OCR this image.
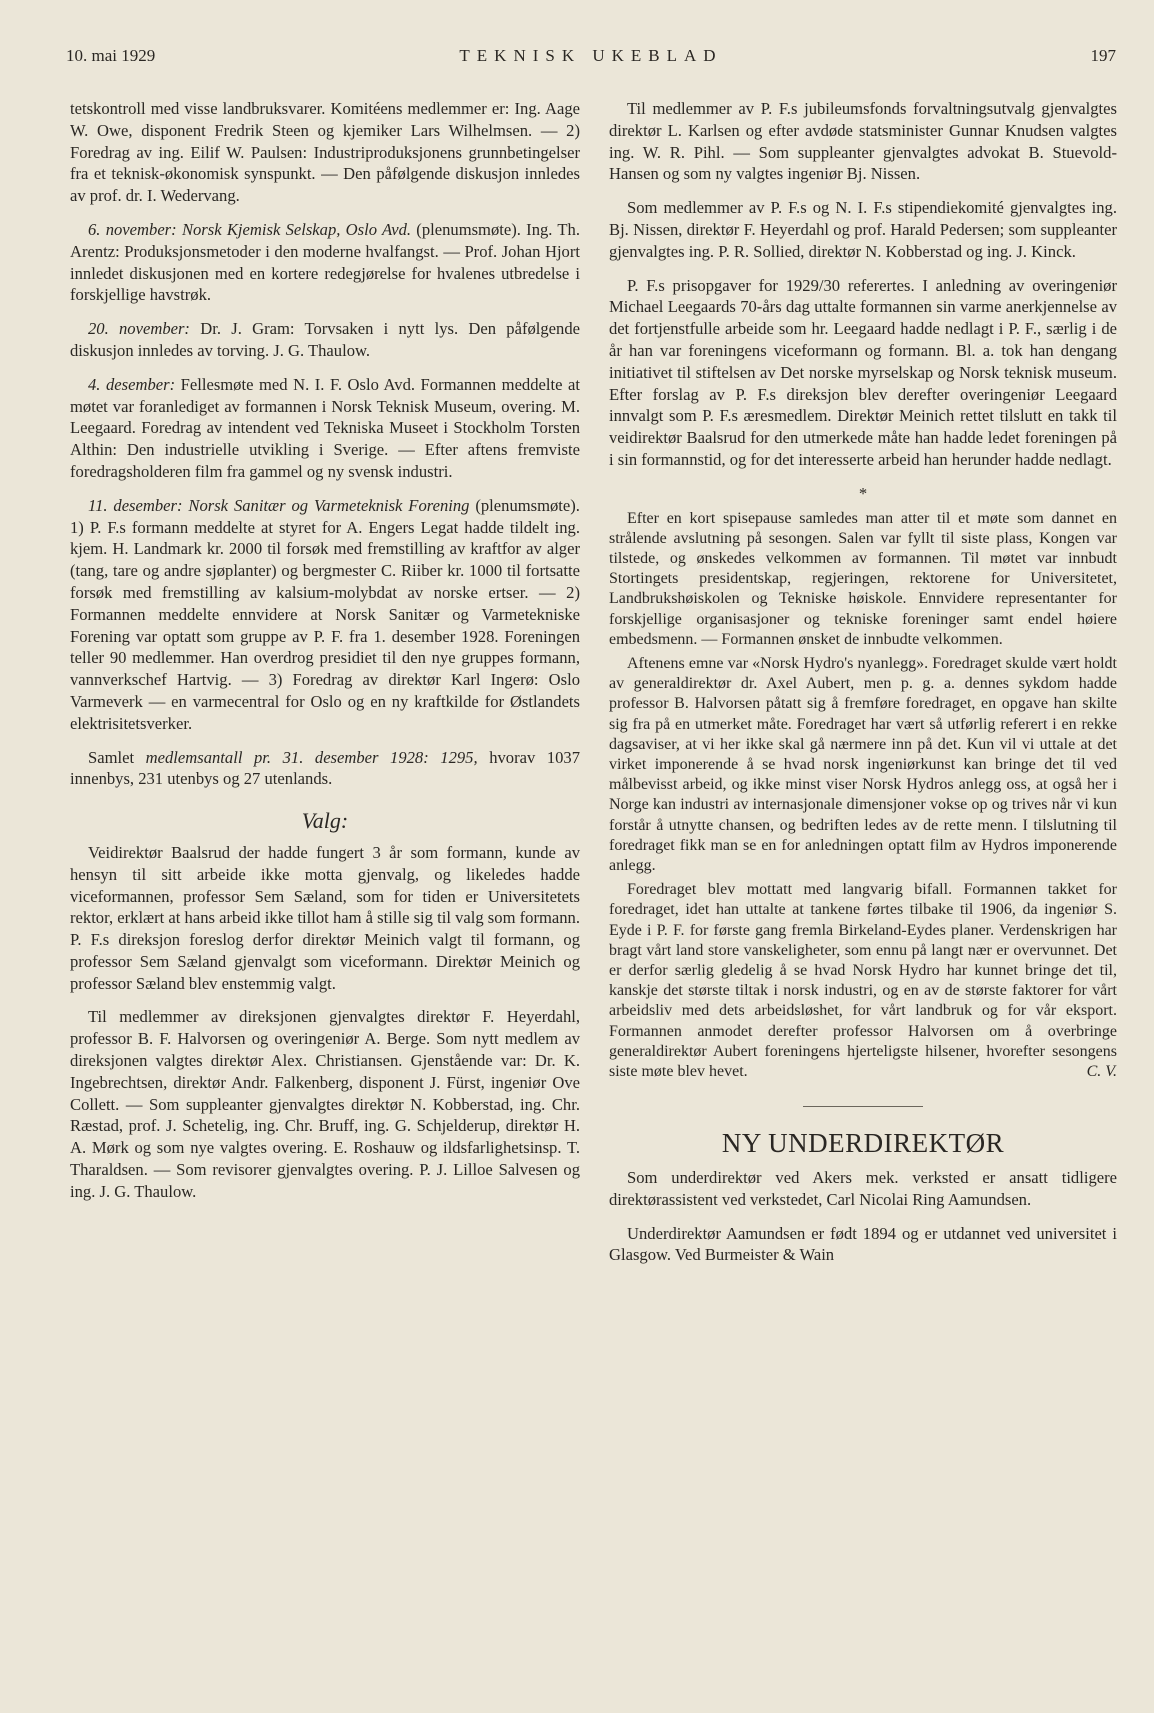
10. mai 1929	TEKNISK UKEBLAD	197

tetskontroll med visse landbruksvarer. Komitéens medlemmer er: Ing. Aage W. Owe, disponent Fredrik Steen og kjemiker Lars Wilhelmsen. — 2) Foredrag av ing. Eilif W. Paulsen: Industriproduksjonens grunnbetingelser fra et teknisk-økonomisk synspunkt. — Den påfølgende diskusjon innledes av prof. dr. I. Wedervang.

6. november: Norsk Kjemisk Selskap, Oslo Avd. (plenumsmøte). Ing. Th. Arentz: Produksjonsmetoder i den moderne hvalfangst. — Prof. Johan Hjort innledet diskusjonen med en kortere redegjørelse for hvalenes utbredelse i forskjellige havstrøk.

20. november: Dr. J. Gram: Torvsaken i nytt lys. Den påfølgende diskusjon innledes av torving. J. G. Thaulow.

4. desember: Fellesmøte med N. I. F. Oslo Avd. Formannen meddelte at møtet var foranlediget av formannen i Norsk Teknisk Museum, overing. M. Leegaard. Foredrag av intendent ved Tekniska Museet i Stockholm Torsten Althin: Den industrielle utvikling i Sverige. — Efter aftens fremviste foredragsholderen film fra gammel og ny svensk industri.

11. desember: Norsk Sanitær og Varmeteknisk Forening (plenumsmøte). 1) P. F.s formann meddelte at styret for A. Engers Legat hadde tildelt ing. kjem. H. Landmark kr. 2000 til forsøk med fremstilling av kraftfor av alger (tang, tare og andre sjøplanter) og bergmester C. Riiber kr. 1000 til fortsatte forsøk med fremstilling av kalsium-molybdat av norske ertser. — 2) Formannen meddelte ennvidere at Norsk Sanitær og Varmetekniske Forening var optatt som gruppe av P. F. fra 1. desember 1928. Foreningen teller 90 medlemmer. Han overdrog presidiet til den nye gruppes formann, vannverkschef Hartvig. — 3) Foredrag av direktør Karl Ingerø: Oslo Varmeverk — en varmecentral for Oslo og en ny kraftkilde for Østlandets elektrisitetsverker.

Samlet medlemsantall pr. 31. desember 1928: 1295, hvorav 1037 innenbys, 231 utenbys og 27 utenlands.

Valg:

Veidirektør Baalsrud der hadde fungert 3 år som formann, kunde av hensyn til sitt arbeide ikke motta gjenvalg, og likeledes hadde viceformannen, professor Sem Sæland, som for tiden er Universitetets rektor, erklært at hans arbeid ikke tillot ham å stille sig til valg som formann. P. F.s direksjon foreslog derfor direktør Meinich valgt til formann, og professor Sem Sæland gjenvalgt som viceformann. Direktør Meinich og professor Sæland blev enstemmig valgt.

Til medlemmer av direksjonen gjenvalgtes direktør F. Heyerdahl, professor B. F. Halvorsen og overingeniør A. Berge. Som nytt medlem av direksjonen valgtes direktør Alex. Christiansen. Gjenstående var: Dr. K. Ingebrechtsen, direktør Andr. Falkenberg, disponent J. Fürst, ingeniør Ove Collett. — Som suppleanter gjenvalgtes direktør N. Kobberstad, ing. Chr. Ræstad, prof. J. Schetelig, ing. Chr. Bruff, ing. G. Schjelderup, direktør H. A. Mørk og som nye valgtes overing. E. Roshauw og ildsfarlighetsinsp. T. Tharaldsen. — Som revisorer gjenvalgtes overing. P. J. Lilloe Salvesen og ing. J. G. Thaulow.

Til medlemmer av P. F.s jubileumsfonds forvaltningsutvalg gjenvalgtes direktør L. Karlsen og efter avdøde statsminister Gunnar Knudsen valgtes ing. W. R. Pihl. — Som suppleanter gjenvalgtes advokat B. Stuevold-Hansen og som ny valgtes ingeniør Bj. Nissen.

Som medlemmer av P. F.s og N. I. F.s stipendiekomité gjenvalgtes ing. Bj. Nissen, direktør F. Heyerdahl og prof. Harald Pedersen; som suppleanter gjenvalgtes ing. P. R. Sollied, direktør N. Kobberstad og ing. J. Kinck.

P. F.s prisopgaver for 1929/30 referertes. I anledning av overingeniør Michael Leegaards 70-års dag uttalte formannen sin varme anerkjennelse av det fortjenstfulle arbeide som hr. Leegaard hadde nedlagt i P. F., særlig i de år han var foreningens viceformann og formann. Bl. a. tok han dengang initiativet til stiftelsen av Det norske myrselskap og Norsk teknisk museum. Efter forslag av P. F.s direksjon blev derefter overingeniør Leegaard innvalgt som P. F.s æresmedlem. Direktør Meinich rettet tilslutt en takk til veidirektør Baalsrud for den utmerkede måte han hadde ledet foreningen på i sin formannstid, og for det interesserte arbeid han herunder hadde nedlagt.

*

Efter en kort spisepause samledes man atter til et møte som dannet en strålende avslutning på sesongen. Salen var fyllt til siste plass, Kongen var tilstede, og ønskedes velkommen av formannen. Til møtet var innbudt Stortingets presidentskap, regjeringen, rektorene for Universitetet, Landbrukshøiskolen og Tekniske høiskole. Ennvidere representanter for forskjellige organisasjoner og tekniske foreninger samt endel høiere embedsmenn. — Formannen ønsket de innbudte velkommen.

Aftenens emne var «Norsk Hydro's nyanlegg». Foredraget skulde vært holdt av generaldirektør dr. Axel Aubert, men p. g. a. dennes sykdom hadde professor B. Halvorsen påtatt sig å fremføre foredraget, en opgave han skilte sig fra på en utmerket måte. Foredraget har vært så utførlig referert i en rekke dagsaviser, at vi her ikke skal gå nærmere inn på det. Kun vil vi uttale at det virket imponerende å se hvad norsk ingeniørkunst kan bringe det til ved målbevisst arbeid, og ikke minst viser Norsk Hydros anlegg oss, at også her i Norge kan industri av internasjonale dimensjoner vokse op og trives når vi kun forstår å utnytte chansen, og bedriften ledes av de rette menn. I tilslutning til foredraget fikk man se en for anledningen optatt film av Hydros imponerende anlegg.

Foredraget blev mottatt med langvarig bifall. Formannen takket for foredraget, idet han uttalte at tankene førtes tilbake til 1906, da ingeniør S. Eyde i P. F. for første gang fremla Birkeland-Eydes planer. Verdenskrigen har bragt vårt land store vanskeligheter, som ennu på langt nær er overvunnet. Det er derfor særlig gledelig å se hvad Norsk Hydro har kunnet bringe det til, kanskje det største tiltak i norsk industri, og en av de største faktorer for vårt arbeidsliv med dets arbeidsløshet, for vårt landbruk og for vår eksport. Formannen anmodet derefter professor Halvorsen om å overbringe generaldirektør Aubert foreningens hjerteligste hilsener, hvorefter sesongens siste møte blev hevet.	C. V.

NY UNDERDIREKTØR

Som underdirektør ved Akers mek. verksted er ansatt tidligere direktørassistent ved verkstedet, Carl Nicolai Ring Aamundsen.

Underdirektør Aamundsen er født 1894 og er utdannet ved universitet i Glasgow. Ved Burmeister & Wain
